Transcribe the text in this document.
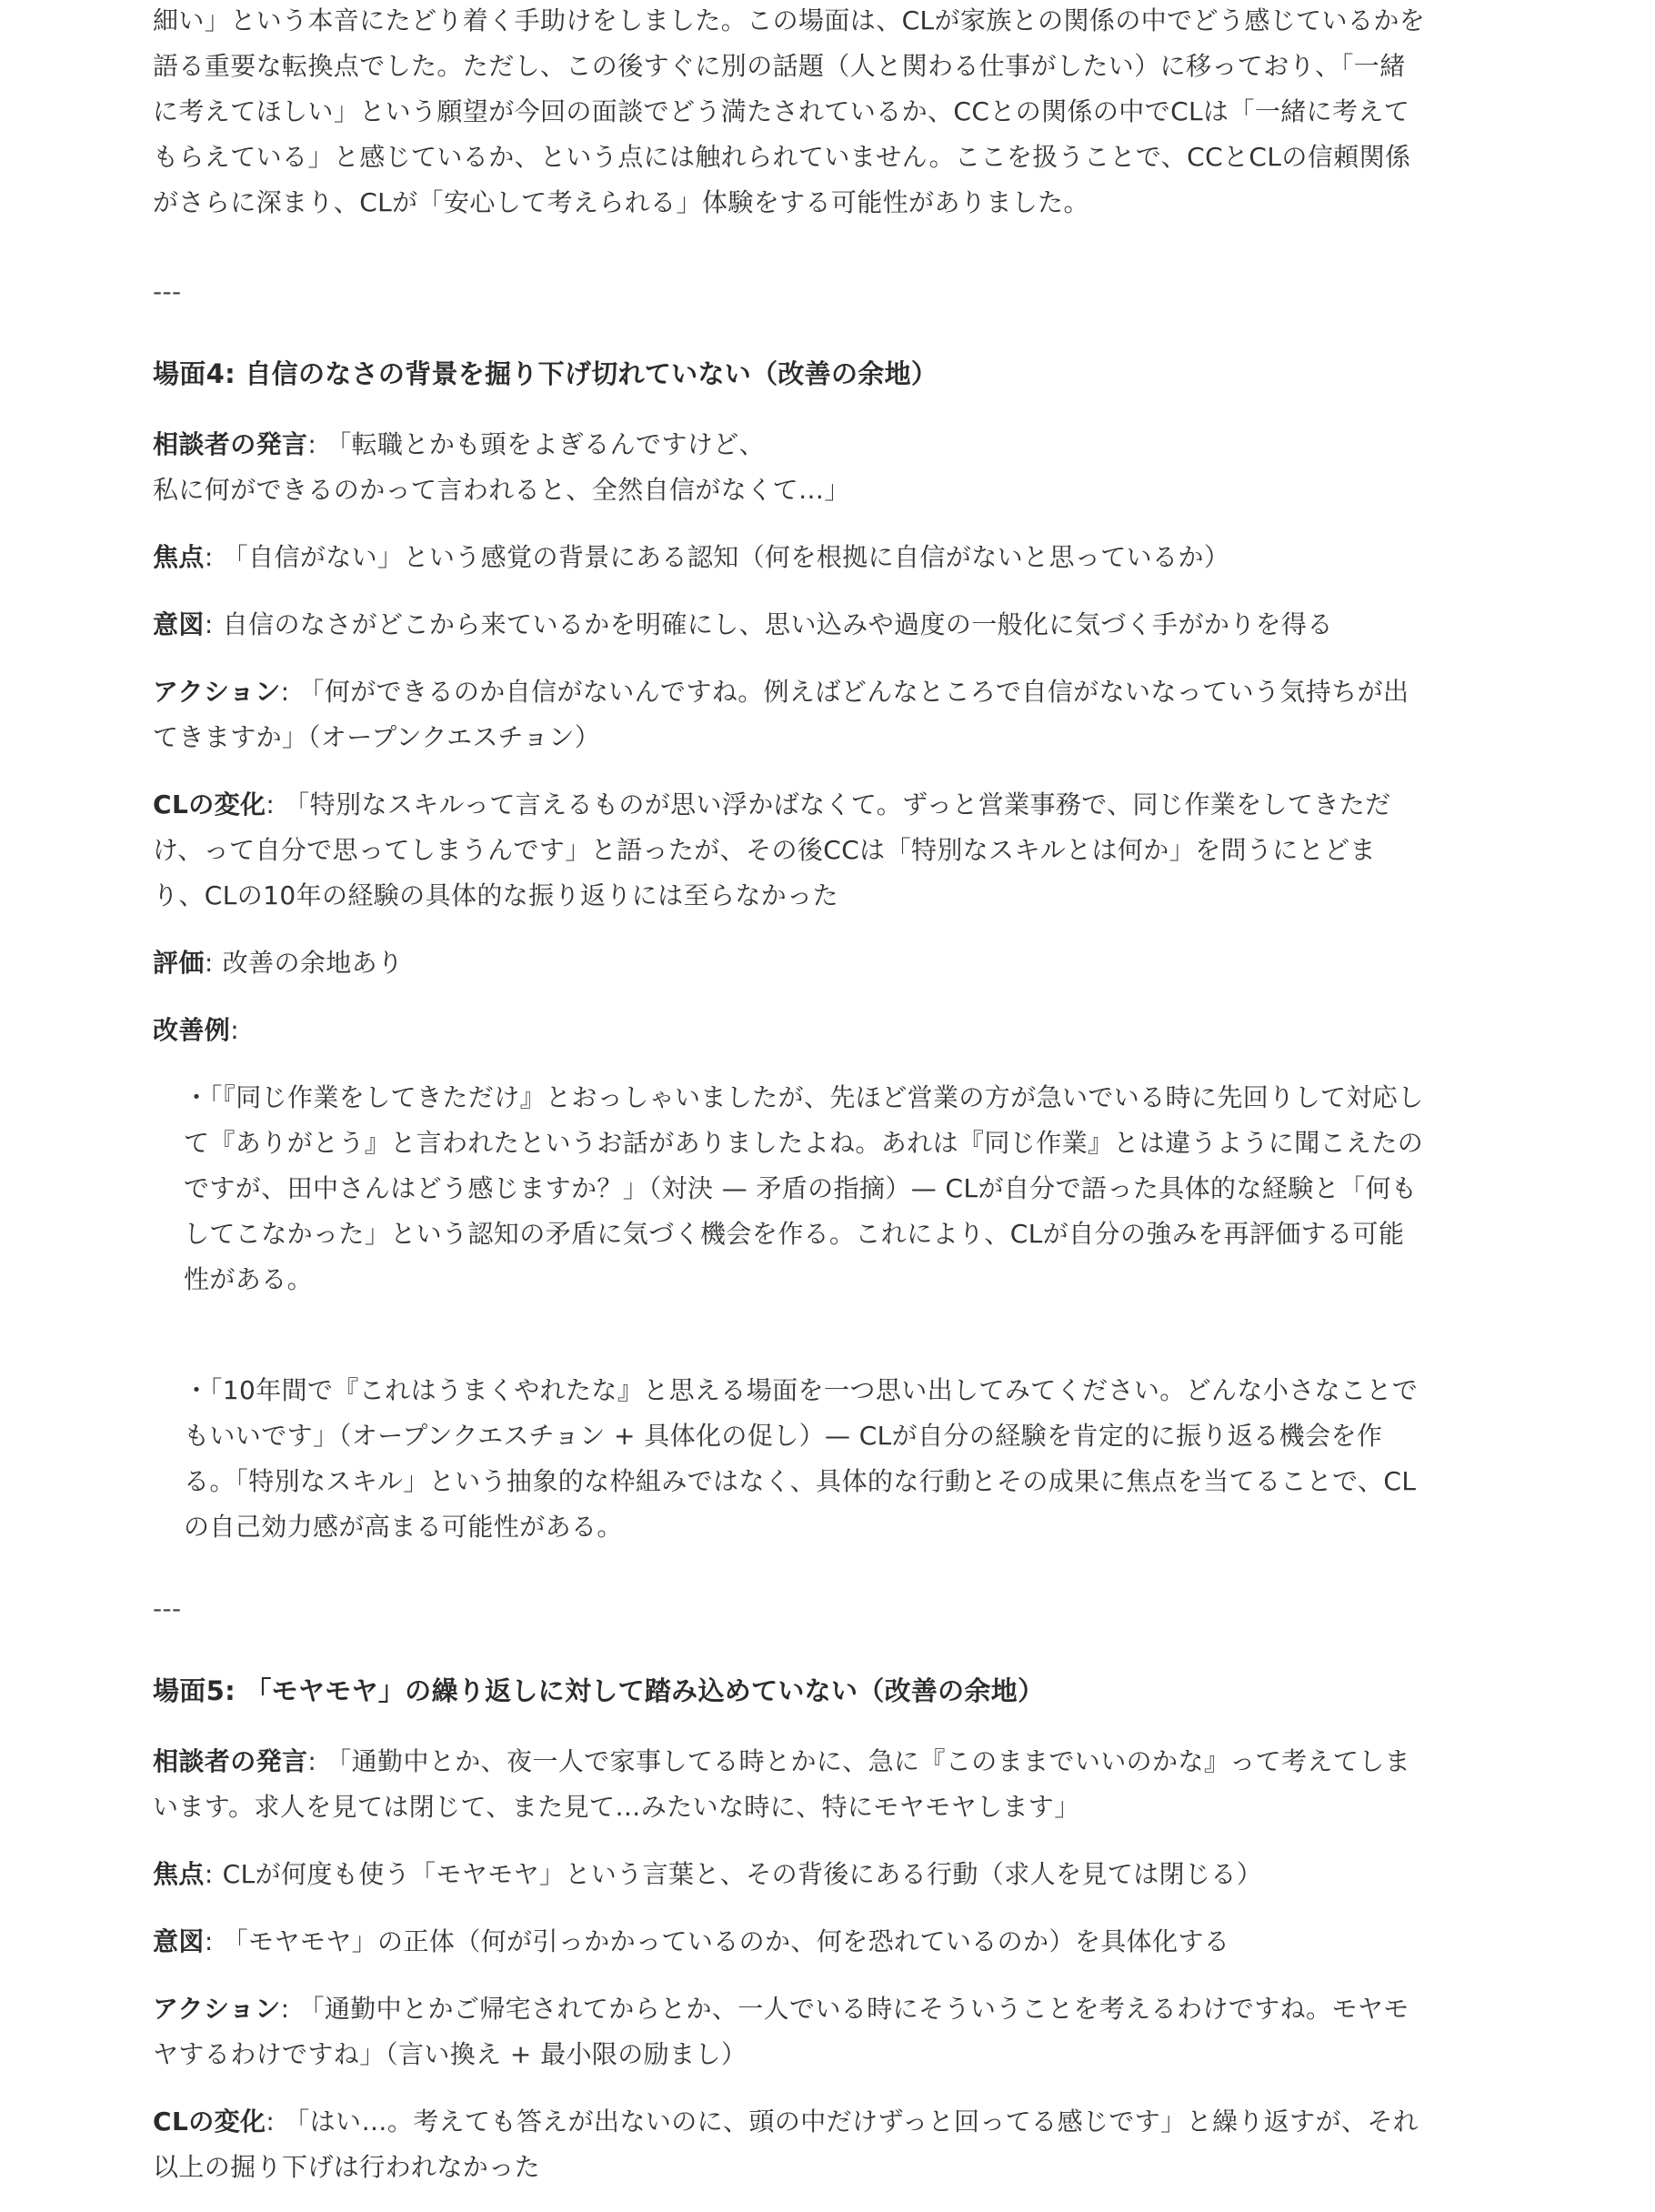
細い」という本音にたどり着く手助けをしました。この場面は、CLが家族との関係の中でどう感じているかを語る重要な転換点でした。ただし、この後すぐに別の話題（人と関わる仕事がしたい）に移っており、「一緒に考えてほしい」という願望が今回の面談でどう満たされているか、CCとの関係の中でCLは「一緒に考えてもらえている」と感じているか、という点には触れられていません。ここを扱うことで、CCとCLの信頼関係がさらに深まり、CLが「安心して考えられる」体験をする可能性がありました。

---

場面4: 自信のなさの背景を掘り下げ切れていない（改善の余地）

相談者の発言: 「転職とかも頭をよぎるんですけど、
私に何ができるのかって言われると、全然自信がなくて…」

焦点: 「自信がない」という感覚の背景にある認知（何を根拠に自信がないと思っているか）

意図: 自信のなさがどこから来ているかを明確にし、思い込みや過度の一般化に気づく手がかりを得る

アクション: 「何ができるのか自信がないんですね。例えばどんなところで自信がないなっていう気持ちが出てきますか」（オープンクエスチョン）

CLの変化: 「特別なスキルって言えるものが思い浮かばなくて。ずっと営業事務で、同じ作業をしてきただけ、って自分で思ってしまうんです」と語ったが、その後CCは「特別なスキルとは何か」を問うにとどまり、CLの10年の経験の具体的な振り返りには至らなかった

評価: 改善の余地あり

改善例:

・「『同じ作業をしてきただけ』とおっしゃいましたが、先ほど営業の方が急いでいる時に先回りして対応して『ありがとう』と言われたというお話がありましたよね。あれは『同じ作業』とは違うように聞こえたのですが、田中さんはどう感じますか？」（対決 — 矛盾の指摘）— CLが自分で語った具体的な経験と「何もしてこなかった」という認知の矛盾に気づく機会を作る。これにより、CLが自分の強みを再評価する可能性がある。

・「10年間で『これはうまくやれたな』と思える場面を一つ思い出してみてください。どんな小さなことでもいいです」（オープンクエスチョン + 具体化の促し）— CLが自分の経験を肯定的に振り返る機会を作る。「特別なスキル」という抽象的な枠組みではなく、具体的な行動とその成果に焦点を当てることで、CLの自己効力感が高まる可能性がある。

---

場面5: 「モヤモヤ」の繰り返しに対して踏み込めていない（改善の余地）

相談者の発言: 「通勤中とか、夜一人で家事してる時とかに、急に『このままでいいのかな』って考えてしまいます。求人を見ては閉じて、また見て…みたいな時に、特にモヤモヤします」

焦点: CLが何度も使う「モヤモヤ」という言葉と、その背後にある行動（求人を見ては閉じる）

意図: 「モヤモヤ」の正体（何が引っかかっているのか、何を恐れているのか）を具体化する

アクション: 「通勤中とかご帰宅されてからとか、一人でいる時にそういうことを考えるわけですね。モヤモヤするわけですね」（言い換え + 最小限の励まし）

CLの変化: 「はい…。考えても答えが出ないのに、頭の中だけずっと回ってる感じです」と繰り返すが、それ以上の掘り下げは行われなかった
